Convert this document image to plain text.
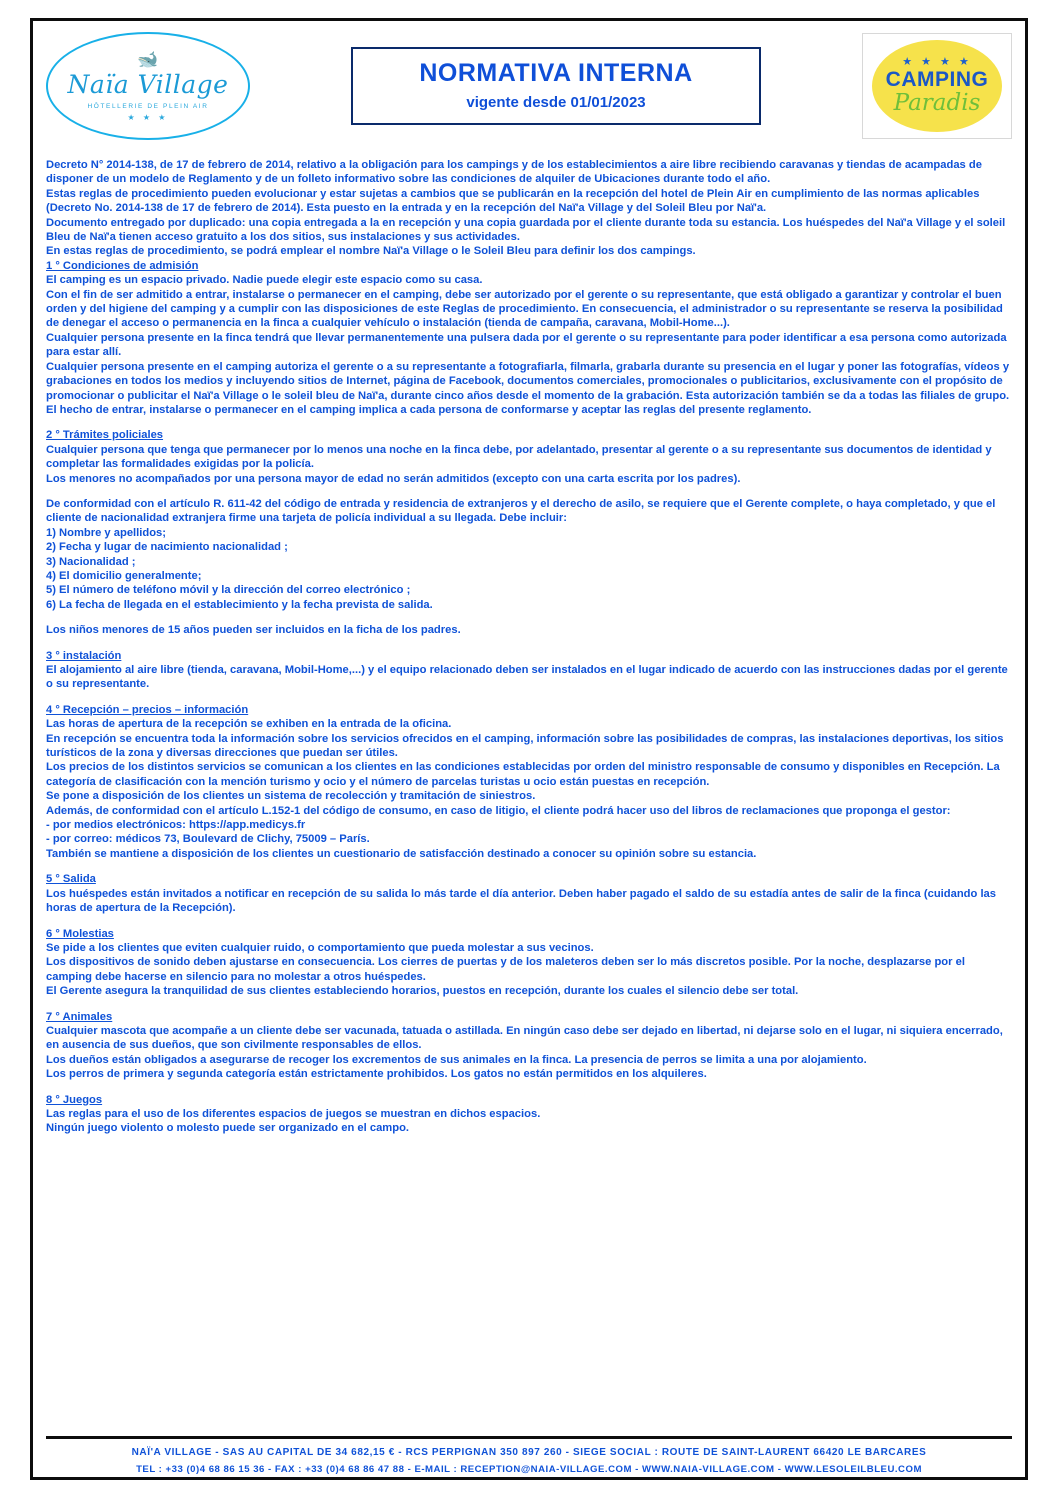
🐋
Naïa Village
HÔTELLERIE DE PLEIN AIR
★ ★ ★
NORMATIVA INTERNA
vigente desde 01/01/2023
★ ★ ★ ★
CAMPING
Paradis

Decreto N° 2014-138, de 17 de febrero de 2014, relativo a la obligación para los campings y de los establecimientos a aire libre recibiendo caravanas y tiendas de acampadas de disponer de un modelo de Reglamento y de un folleto informativo sobre las condiciones de alquiler de Ubicaciones durante todo el año.

Estas reglas de procedimiento pueden evolucionar y estar sujetas a cambios que se publicarán en la recepción del hotel de Plein Air en cumplimiento de las normas aplicables (Decreto No. 2014-138 de 17 de febrero de 2014). Esta puesto en la entrada y en la recepción del Naï'a Village y del Soleil Bleu por Naï'a.

Documento entregado por duplicado: una copia entregada a la en recepción y una copia guardada por el cliente durante toda su estancia. Los huéspedes del Naï'a Village y el soleil Bleu de Naï'a tienen acceso gratuito a los dos sitios, sus instalaciones y sus actividades.

En estas reglas de procedimiento, se podrá emplear el nombre Naï'a Village o le Soleil Bleu para definir los dos campings.

1 ° Condiciones de admisión

El camping es un espacio privado. Nadie puede elegir este espacio como su casa.

Con el fin de ser admitido a entrar, instalarse o permanecer en el camping, debe ser autorizado por el gerente o su representante, que está obligado a garantizar y controlar el buen orden y del higiene del camping y a cumplir con las disposiciones de este Reglas de procedimiento. En consecuencia, el administrador o su representante se reserva la posibilidad de denegar el acceso o permanencia en la finca a cualquier vehículo o instalación (tienda de campaña, caravana, Mobil-Home...).

Cualquier persona presente en la finca tendrá que llevar permanentemente una pulsera dada por el gerente o su representante para poder identificar a esa persona como autorizada para estar allí.

Cualquier persona presente en el camping autoriza el gerente o a su representante a fotografiarla, filmarla, grabarla durante su presencia en el lugar y poner las fotografías, vídeos y grabaciones en todos los medios y incluyendo sitios de Internet, página de Facebook, documentos comerciales, promocionales o publicitarios, exclusivamente con el propósito de promocionar o publicitar el Naï'a Village o le soleil bleu de Naï'a, durante cinco años desde el momento de la grabación. Esta autorización también se da a todas las filiales de grupo.

El hecho de entrar, instalarse o permanecer en el camping implica a cada persona de conformarse y aceptar las reglas del presente reglamento.

2 ° Trámites policiales

Cualquier persona que tenga que permanecer por lo menos una noche en la finca debe, por adelantado, presentar al gerente o a su representante sus documentos de identidad y completar las formalidades exigidas por la policía.

Los menores no acompañados por una persona mayor de edad no serán admitidos (excepto con una carta escrita por los padres).

De conformidad con el artículo R. 611-42 del código de entrada y residencia de extranjeros y el derecho de asilo, se requiere que el Gerente complete, o haya completado, y que el cliente de nacionalidad extranjera firme una tarjeta de policía individual a su llegada. Debe incluir:

1) Nombre y apellidos;

2) Fecha y lugar de nacimiento nacionalidad ;

3) Nacionalidad ;

4) El domicilio generalmente;

5) El número de teléfono móvil y la dirección del correo electrónico ;

6) La fecha de llegada en el establecimiento y la fecha prevista de salida.

Los niños menores de 15 años pueden ser incluidos en la ficha de los padres.

3 ° instalación

El alojamiento al aire libre (tienda, caravana, Mobil-Home,...) y el equipo relacionado deben ser instalados en el lugar indicado de acuerdo con las instrucciones dadas por el gerente o su representante.

4 ° Recepción – precios – información

Las horas de apertura de la recepción se exhiben en la entrada de la oficina.

En recepción se encuentra toda la información sobre los servicios ofrecidos en el camping, información sobre las posibilidades de compras, las instalaciones deportivas, los sitios turísticos de la zona y diversas direcciones que puedan ser útiles.

Los precios de los distintos servicios se comunican a los clientes en las condiciones establecidas por orden del ministro responsable de consumo y disponibles en Recepción. La categoría de clasificación con la mención turismo y ocio y el número de parcelas turistas u ocio están puestas en recepción.

Se pone a disposición de los clientes un sistema de recolección y tramitación de siniestros.

Además, de conformidad con el artículo L.152-1 del código de consumo, en caso de litigio, el cliente podrá hacer uso del libros de reclamaciones que proponga el gestor:

- por medios electrónicos: https://app.medicys.fr

- por correo: médicos 73, Boulevard de Clichy, 75009 – París.

También se mantiene a disposición de los clientes un cuestionario de satisfacción destinado a conocer su opinión sobre su estancia.

5 ° Salida

Los huéspedes están invitados a notificar en recepción de su salida lo más tarde el día anterior. Deben haber pagado el saldo de su estadía antes de salir de la finca (cuidando las horas de apertura de la Recepción).

6 ° Molestias

Se pide a los clientes que eviten cualquier ruido, o comportamiento que pueda molestar a sus vecinos.

Los dispositivos de sonido deben ajustarse en consecuencia. Los cierres de puertas y de los maleteros deben ser lo más discretos posible. Por la noche, desplazarse por el camping debe hacerse en silencio para no molestar a otros huéspedes.

El Gerente asegura la tranquilidad de sus clientes estableciendo horarios, puestos en recepción, durante los cuales el silencio debe ser total.

7 ° Animales

Cualquier mascota que acompañe a un cliente debe ser vacunada, tatuada o astillada. En ningún caso debe ser dejado en libertad, ni dejarse solo en el lugar, ni siquiera encerrado, en ausencia de sus dueños, que son civilmente responsables de ellos.

Los dueños están obligados a asegurarse de recoger los excrementos de sus animales en la finca. La presencia de perros se limita a una por alojamiento.

Los perros de primera y segunda categoría están estrictamente prohibidos. Los gatos no están permitidos en los alquileres.

8 ° Juegos

Las reglas para el uso de los diferentes espacios de juegos se muestran en dichos espacios.

Ningún juego violento o molesto puede ser organizado en el campo.

NAÏ'A VILLAGE - SAS AU CAPITAL DE 34 682,15 € - RCS PERPIGNAN 350 897 260 - SIEGE SOCIAL : ROUTE DE SAINT-LAURENT 66420 LE BARCARES
TEL : +33 (0)4 68 86 15 36 - FAX : +33 (0)4 68 86 47 88 - E-MAIL : RECEPTION@NAIA-VILLAGE.COM - WWW.NAIA-VILLAGE.COM - WWW.LESOLEILBLEU.COM
